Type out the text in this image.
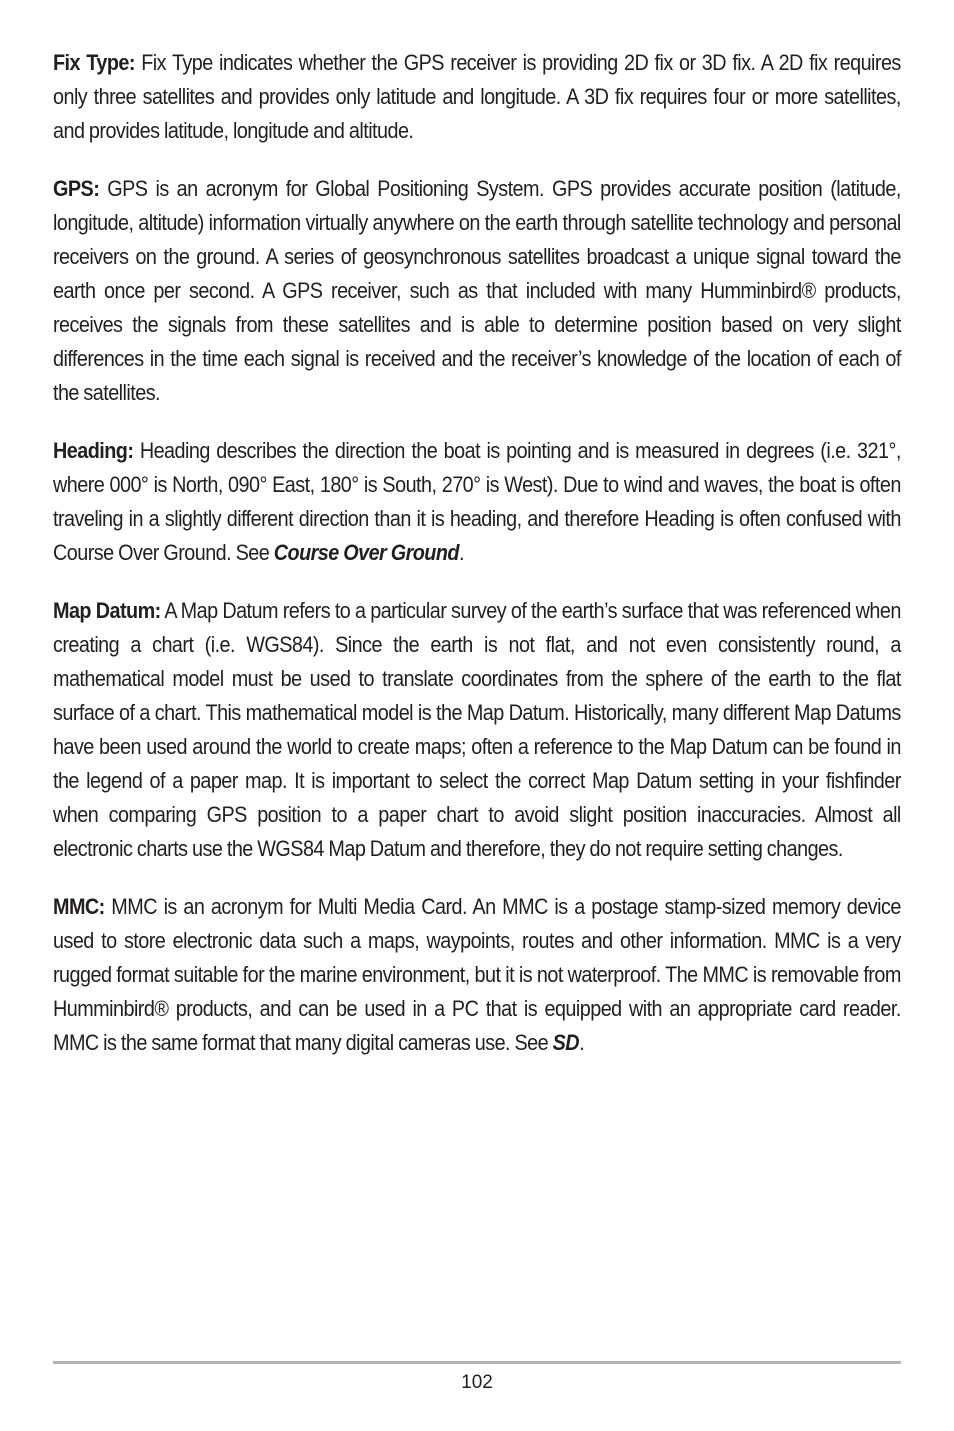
Fix Type: Fix Type indicates whether the GPS receiver is providing 2D fix or 3D fix. A 2D fix requires only three satellites and provides only latitude and longitude. A 3D fix requires four or more satellites, and provides latitude, longitude and altitude.

GPS: GPS is an acronym for Global Positioning System. GPS provides accurate position (latitude, longitude, altitude) information virtually anywhere on the earth through satellite technology and personal receivers on the ground. A series of geosynchronous satellites broadcast a unique signal toward the earth once per second. A GPS receiver, such as that included with many Humminbird® products, receives the signals from these satellites and is able to determine position based on very slight differences in the time each signal is received and the receiver’s knowledge of the location of each of the satellites.

Heading: Heading describes the direction the boat is pointing and is measured in degrees (i.e. 321°, where 000° is North, 090° East, 180° is South, 270° is West). Due to wind and waves, the boat is often traveling in a slightly different direction than it is heading, and therefore Heading is often confused with Course Over Ground. See Course Over Ground.

Map Datum: A Map Datum refers to a particular survey of the earth’s surface that was referenced when creating a chart (i.e. WGS84). Since the earth is not flat, and not even consistently round, a mathematical model must be used to translate coordinates from the sphere of the earth to the flat surface of a chart. This mathematical model is the Map Datum. Historically, many different Map Datums have been used around the world to create maps; often a reference to the Map Datum can be found in the legend of a paper map. It is important to select the correct Map Datum setting in your fishfinder when comparing GPS position to a paper chart to avoid slight position inaccuracies. Almost all electronic charts use the WGS84 Map Datum and therefore, they do not require setting changes.

MMC: MMC is an acronym for Multi Media Card. An MMC is a postage stamp-sized memory device used to store electronic data such a maps, waypoints, routes and other information. MMC is a very rugged format suitable for the marine environment, but it is not waterproof. The MMC is removable from Humminbird® products, and can be used in a PC that is equipped with an appropriate card reader. MMC is the same format that many digital cameras use. See SD.

102
